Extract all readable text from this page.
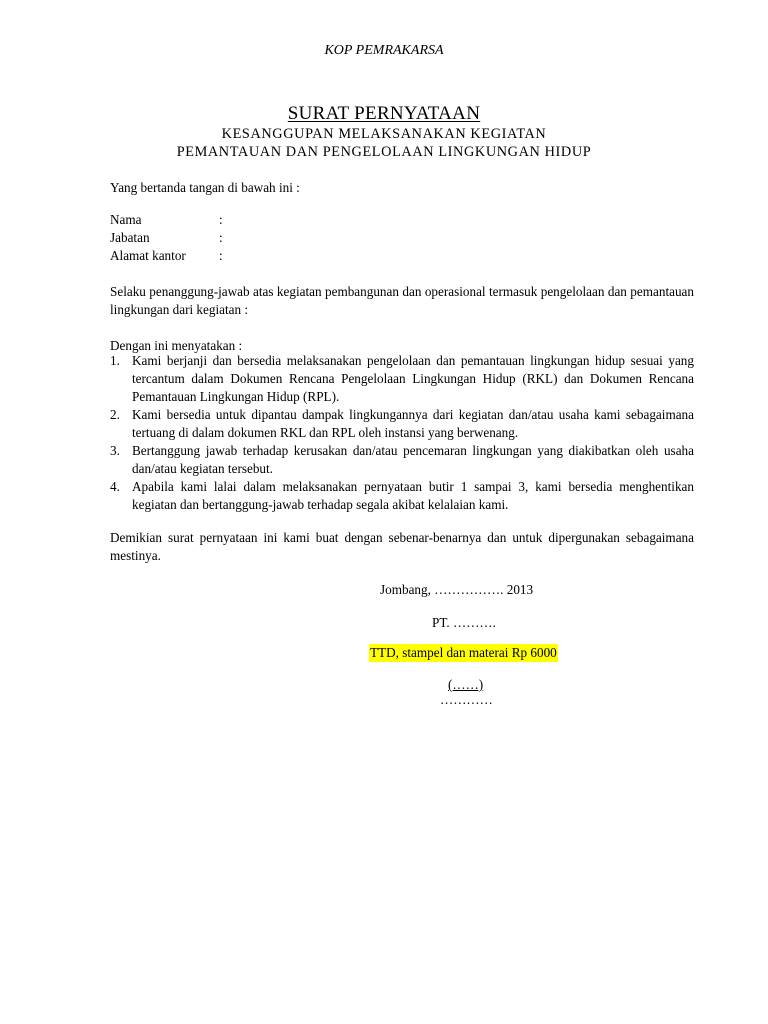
KOP PEMRAKARSA
SURAT PERNYATAAN
KESANGGUPAN MELAKSANAKAN KEGIATAN
PEMANTAUAN DAN PENGELOLAAN LINGKUNGAN HIDUP
Yang bertanda tangan di bawah ini :
Nama	:
Jabatan	:
Alamat kantor	:
Selaku penanggung-jawab atas kegiatan pembangunan dan operasional termasuk pengelolaan dan pemantauan lingkungan dari kegiatan :
Dengan ini menyatakan :
1. Kami berjanji dan bersedia melaksanakan pengelolaan dan pemantauan lingkungan hidup sesuai yang tercantum dalam Dokumen Rencana Pengelolaan Lingkungan Hidup (RKL) dan Dokumen Rencana Pemantauan Lingkungan Hidup (RPL).
2. Kami bersedia untuk dipantau dampak lingkungannya dari kegiatan dan/atau usaha kami sebagaimana tertuang di dalam dokumen RKL dan RPL oleh instansi yang berwenang.
3. Bertanggung jawab terhadap kerusakan dan/atau pencemaran lingkungan yang diakibatkan oleh usaha dan/atau kegiatan tersebut.
4. Apabila kami lalai dalam melaksanakan pernyataan butir 1 sampai 3, kami bersedia menghentikan kegiatan dan bertanggung-jawab terhadap segala akibat kelalaian kami.
Demikian surat pernyataan ini kami buat dengan sebenar-benarnya dan untuk dipergunakan sebagaimana mestinya.
Jombang, ……………. 2013
PT. ……….
TTD, stampel dan materai Rp 6000
(……)
…………
